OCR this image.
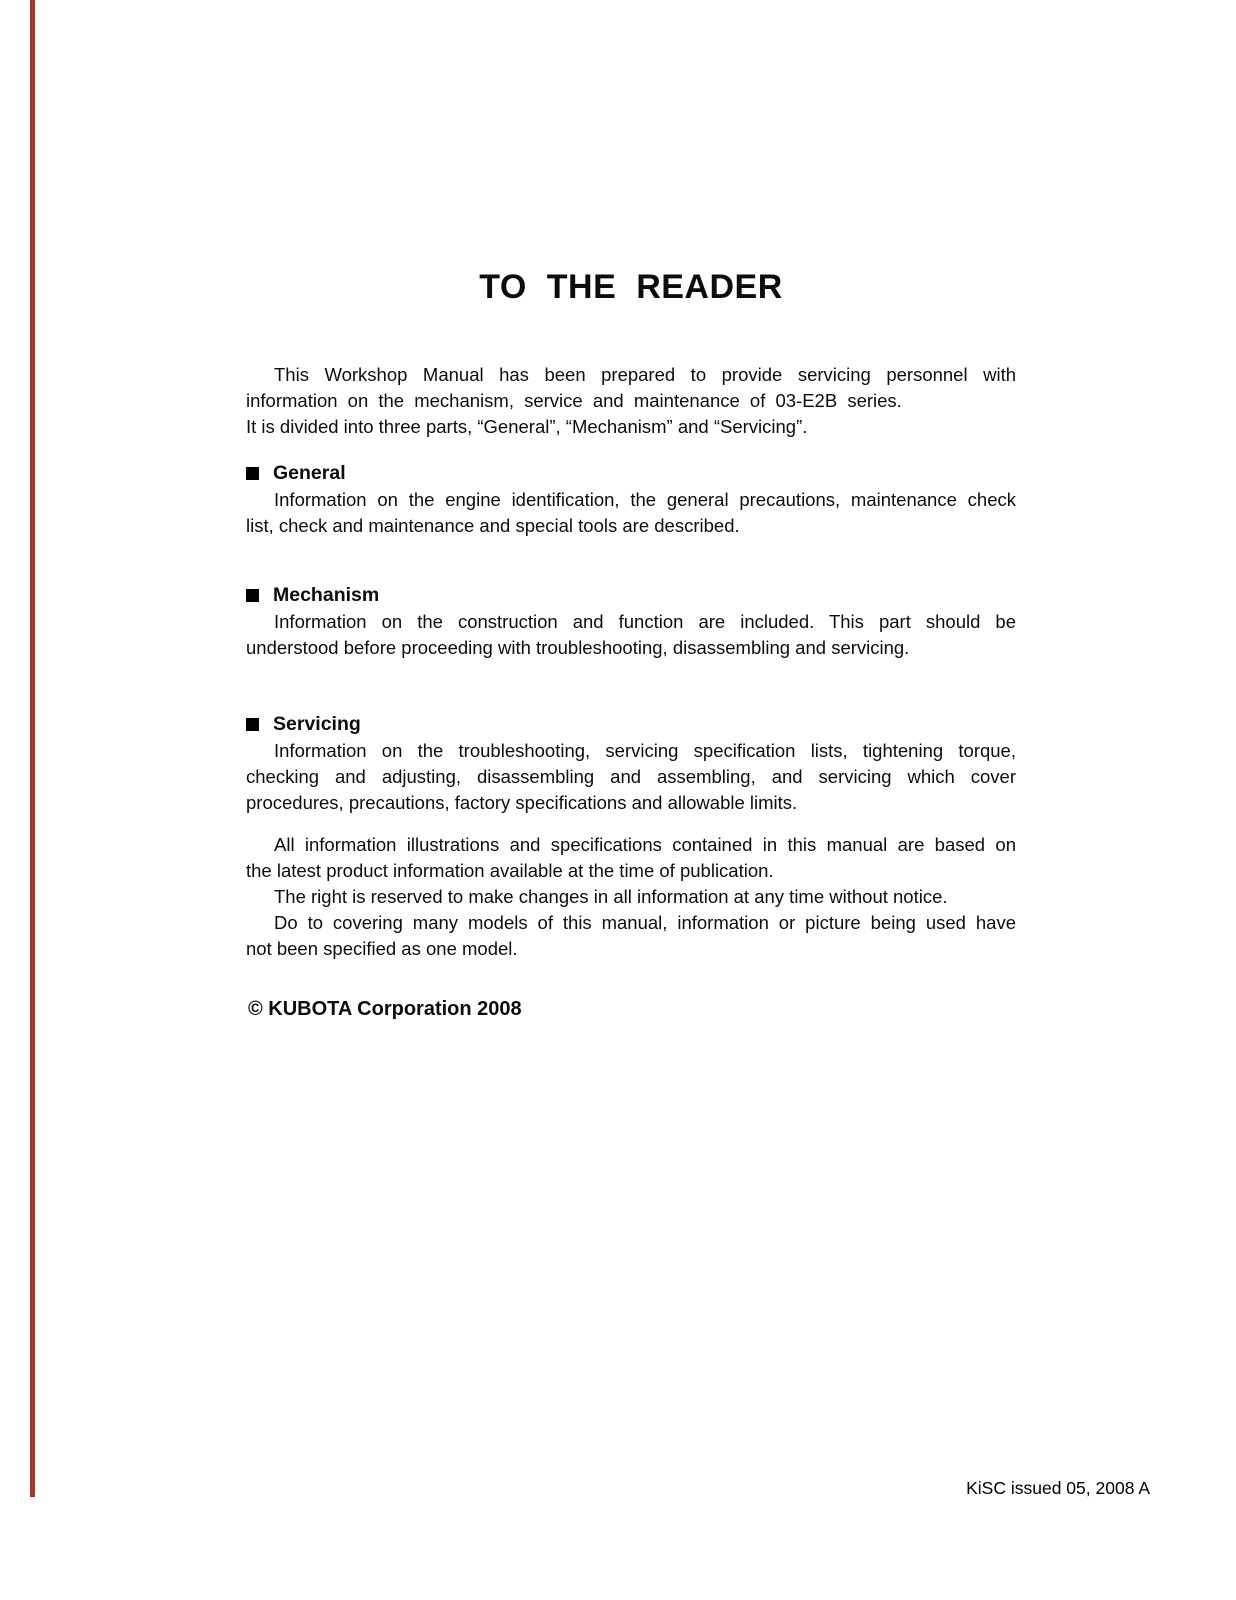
TO THE READER
This Workshop Manual has been prepared to provide servicing personnel with
information on the mechanism, service and maintenance of 03-E2B series.
It is divided into three parts, “General”, “Mechanism” and “Servicing”.
General
Information on the engine identification, the general precautions, maintenance check
list, check and maintenance and special tools are described.
Mechanism
Information on the construction and function are included. This part should be
understood before proceeding with troubleshooting, disassembling and servicing.
Servicing
Information on the troubleshooting, servicing specification lists, tightening torque,
checking and adjusting, disassembling and assembling, and servicing which cover
procedures, precautions, factory specifications and allowable limits.
All information illustrations and specifications contained in this manual are based on
the latest product information available at the time of publication.
The right is reserved to make changes in all information at any time without notice.
Do to covering many models of this manual, information or picture being used have
not been specified as one model.
© KUBOTA Corporation 2008
KiSC issued 05, 2008 A
